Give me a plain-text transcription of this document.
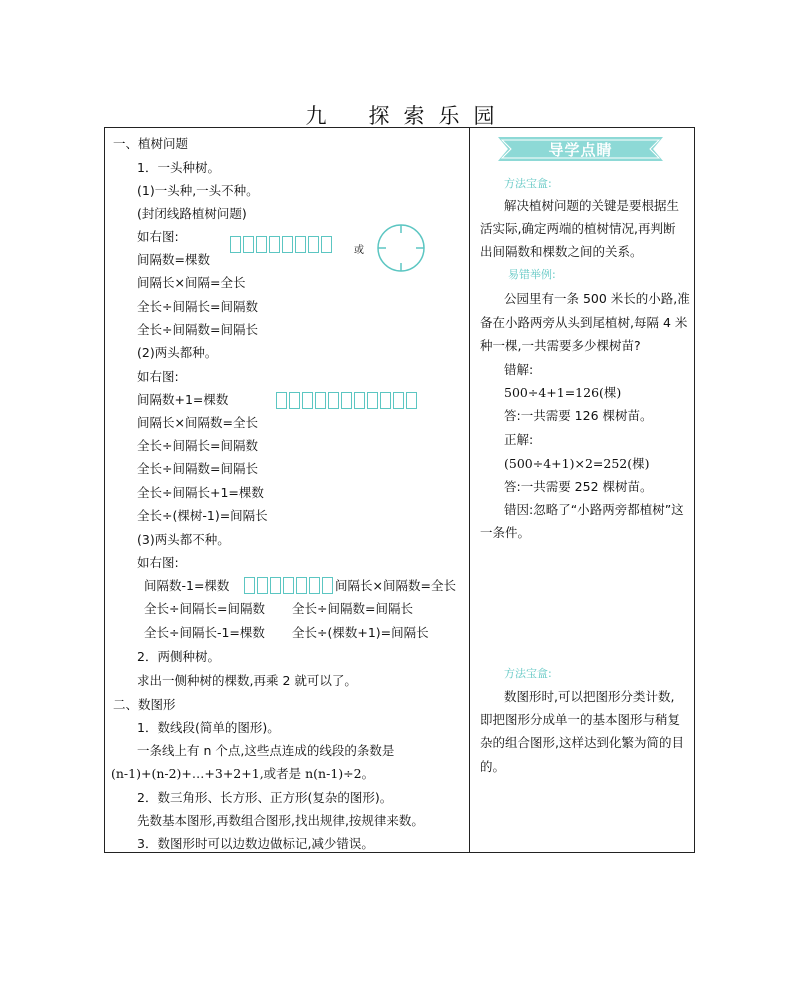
九 探 索 乐 园
一、植树问题
1．一头种树。
(1)一头种,一头不种。
(封闭线路植树问题)
如右图:
间隔数=棵数
间隔长×间隔=全长
全长÷间隔长=间隔数
全长÷间隔数=间隔长
(2)两头都种。
如右图:
间隔数+1=棵数
间隔长×间隔数=全长
全长÷间隔长=间隔数
全长÷间隔数=间隔长
全长÷间隔长+1=棵数
全长÷(棵树-1)=间隔长
(3)两头都不种。
如右图:
间隔数-1=棵数	间隔长×间隔数=全长
全长÷间隔长=间隔数 全长÷间隔数=间隔长
全长÷间隔长-1=棵数 全长÷(棵数+1)=间隔长
2．两侧种树。
求出一侧种树的棵数,再乘 2 就可以了。
二、数图形
1．数线段(简单的图形)。
一条线上有 n 个点,这些点连成的线段的条数是
(n-1)+(n-2)+…+3+2+1,或者是 n(n-1)÷2。
2．数三角形、长方形、正方形(复杂的图形)。
先数基本图形,再数组合图形,找出规律,按规律来数。
3．数图形时可以边数边做标记,减少错误。
或
导学点睛
方法宝盒:
解决植树问题的关键是要根据生
活实际,确定两端的植树情况,再判断
出间隔数和棵数之间的关系。
易错举例:
公园里有一条 500 米长的小路,准
备在小路两旁从头到尾植树,每隔 4 米
种一棵,一共需要多少棵树苗?
错解:
500÷4+1=126(棵)
答:一共需要 126 棵树苗。
正解:
(500÷4+1)×2=252(棵)
答:一共需要 252 棵树苗。
错因:忽略了“小路两旁都植树”这
一条件。
方法宝盒:
数图形时,可以把图形分类计数,
即把图形分成单一的基本图形与稍复
杂的组合图形,这样达到化繁为简的目
的。
